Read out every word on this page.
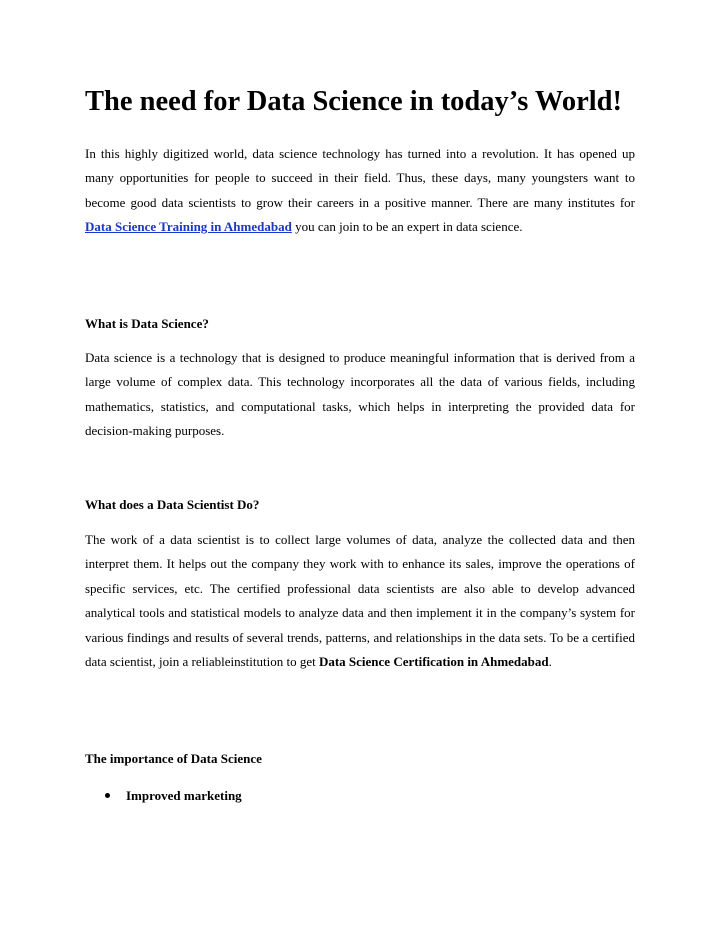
The need for Data Science in today’s World!

In this highly digitized world, data science technology has turned into a revolution. It has opened up many opportunities for people to succeed in their field. Thus, these days, many youngsters want to become good data scientists to grow their careers in a positive manner. There are many institutes for Data Science Training in Ahmedabad you can join to be an expert in data science.

What is Data Science?

Data science is a technology that is designed to produce meaningful information that is derived from a large volume of complex data. This technology incorporates all the data of various fields, including mathematics, statistics, and computational tasks, which helps in interpreting the provided data for decision-making purposes.

What does a Data Scientist Do?

The work of a data scientist is to collect large volumes of data, analyze the collected data and then interpret them. It helps out the company they work with to enhance its sales, improve the operations of specific services, etc. The certified professional data scientists are also able to develop advanced analytical tools and statistical models to analyze data and then implement it in the company’s system for various findings and results of several trends, patterns, and relationships in the data sets. To be a certified data scientist, join a reliableinstitution to get Data Science Certification in Ahmedabad.

The importance of Data Science
Improved marketing
